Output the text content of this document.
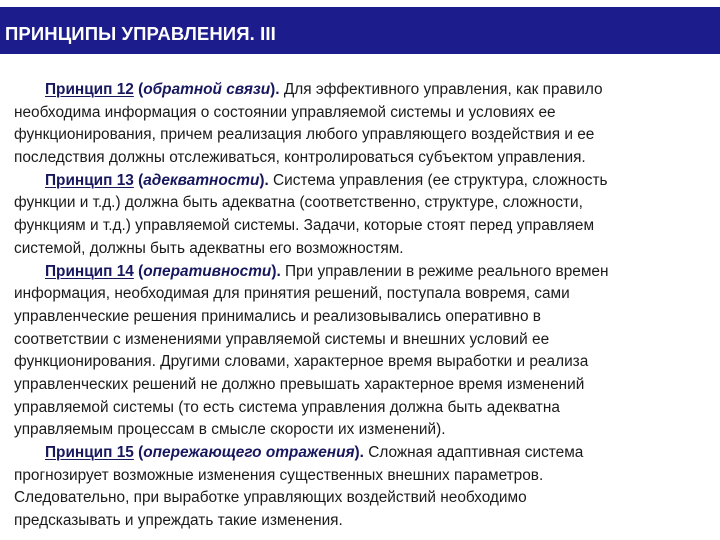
ПРИНЦИПЫ УПРАВЛЕНИЯ. III
Принцип 12 (обратной связи). Для эффективного управления, как правило
необходима информация о состоянии управляемой системы и условиях ее
функционирования, причем реализация любого управляющего воздействия и ее
последствия должны отслеживаться, контролироваться субъектом управления.
Принцип 13 (адекватности). Система управления (ее структура, сложность
функции и т.д.) должна быть адекватна (соответственно, структуре, сложности,
функциям и т.д.) управляемой системы. Задачи, которые стоят перед управляем
системой, должны быть адекватны его возможностям.
Принцип 14 (оперативности). При управлении в режиме реального времен
информация, необходимая для принятия решений, поступала вовремя, сами
управленческие решения принимались и реализовывались оперативно в
соответствии с изменениями управляемой системы и внешних условий ее
функционирования. Другими словами, характерное время выработки и реализа
управленческих решений не должно превышать характерное время изменений
управляемой системы (то есть система управления должна быть адекватна
управляемым процессам в смысле скорости их изменений).
Принцип 15 (опережающего отражения). Сложная адаптивная система
прогнозирует возможные изменения существенных внешних параметров.
Следовательно, при выработке управляющих воздействий необходимо
предсказывать и упреждать такие изменения.
